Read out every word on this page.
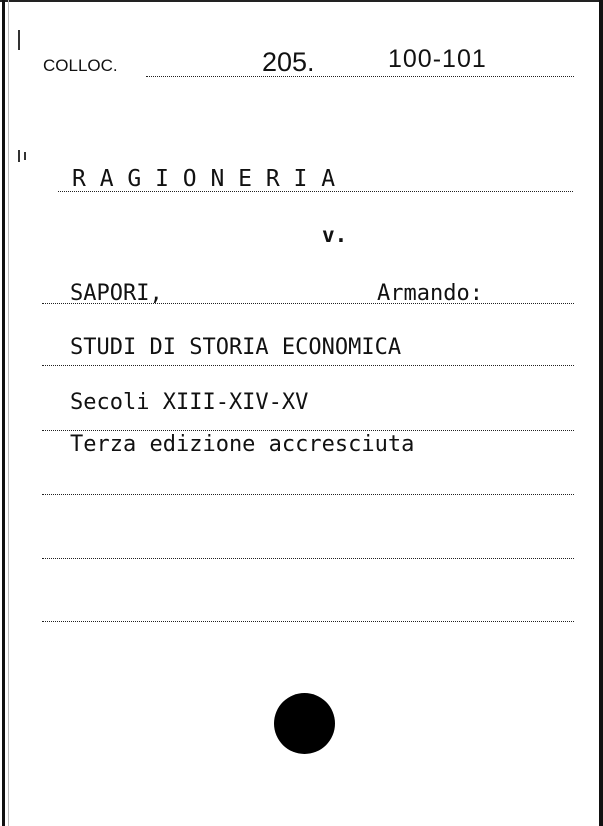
COLLOC.	205.	100-101
R A G I O N E R I A
v.
SAPORI,	Armando:
STUDI DI STORIA ECONOMICA
Secoli XIII-XIV-XV
Terza edizione accresciuta
